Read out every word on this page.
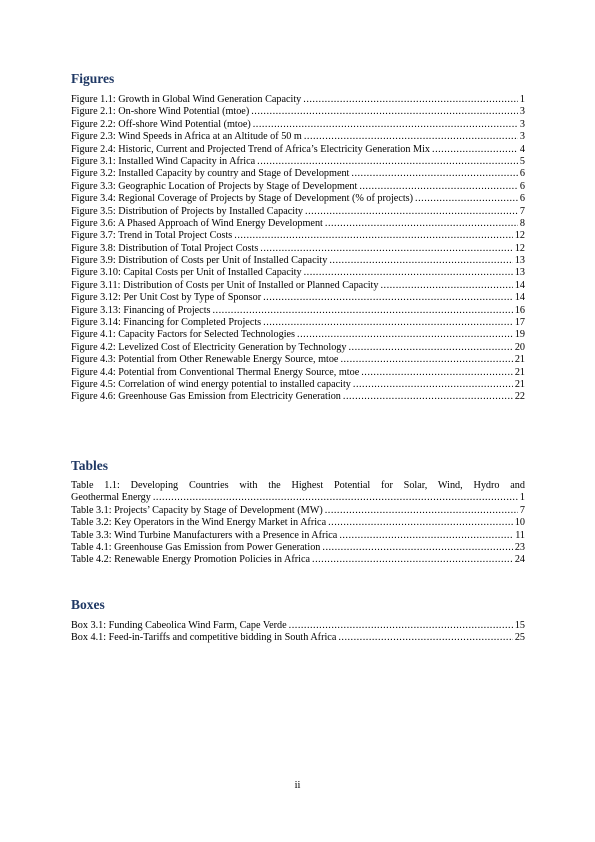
Figures
Figure 1.1: Growth in Global Wind Generation Capacity .....	1
Figure 2.1: On-shore Wind Potential (mtoe) .....	3
Figure 2.2: Off-shore Wind Potential (mtoe) .....	3
Figure 2.3: Wind Speeds in Africa at an Altitude of 50 m .....	3
Figure 2.4: Historic, Current and Projected Trend of Africa’s Electricity Generation Mix .....	4
Figure 3.1: Installed Wind Capacity in Africa .....	5
Figure 3.2: Installed Capacity by country and Stage of Development .....	6
Figure 3.3: Geographic Location of Projects by Stage of Development .....	6
Figure 3.4: Regional Coverage of Projects by Stage of Development (% of projects) .....	6
Figure 3.5: Distribution of Projects by Installed Capacity .....	7
Figure 3.6: A Phased Approach of Wind Energy Development .....	8
Figure 3.7: Trend in Total Project Costs .....	12
Figure 3.8: Distribution of Total Project Costs .....	12
Figure 3.9: Distribution of Costs per Unit of Installed Capacity .....	13
Figure 3.10: Capital Costs per Unit of Installed Capacity .....	13
Figure 3.11: Distribution of Costs per Unit of Installed or Planned Capacity .....	14
Figure 3.12: Per Unit Cost by Type of Sponsor .....	14
Figure 3.13: Financing of Projects .....	16
Figure 3.14: Financing for Completed Projects .....	17
Figure 4.1: Capacity Factors for Selected Technologies .....	19
Figure 4.2: Levelized Cost of Electricity Generation by Technology .....	20
Figure 4.3: Potential from Other Renewable Energy Source, mtoe .....	21
Figure 4.4: Potential from Conventional Thermal Energy Source, mtoe .....	21
Figure 4.5: Correlation of wind energy potential to installed capacity .....	21
Figure 4.6: Greenhouse Gas Emission from Electricity Generation .....	22
Tables
Table 1.1: Developing Countries with the Highest Potential for Solar, Wind, Hydro and
Geothermal Energy .....	1
Table 3.1: Projects’ Capacity by Stage of Development (MW) .....	7
Table 3.2: Key Operators in the Wind Energy Market in Africa .....	10
Table 3.3: Wind Turbine Manufacturers with a Presence in Africa .....	11
Table 4.1: Greenhouse Gas Emission from Power Generation .....	23
Table 4.2: Renewable Energy Promotion Policies in Africa .....	24
Boxes
Box 3.1: Funding Cabeolica Wind Farm, Cape Verde .....	15
Box 4.1: Feed-in-Tariffs and competitive bidding in South Africa .....	25
ii
